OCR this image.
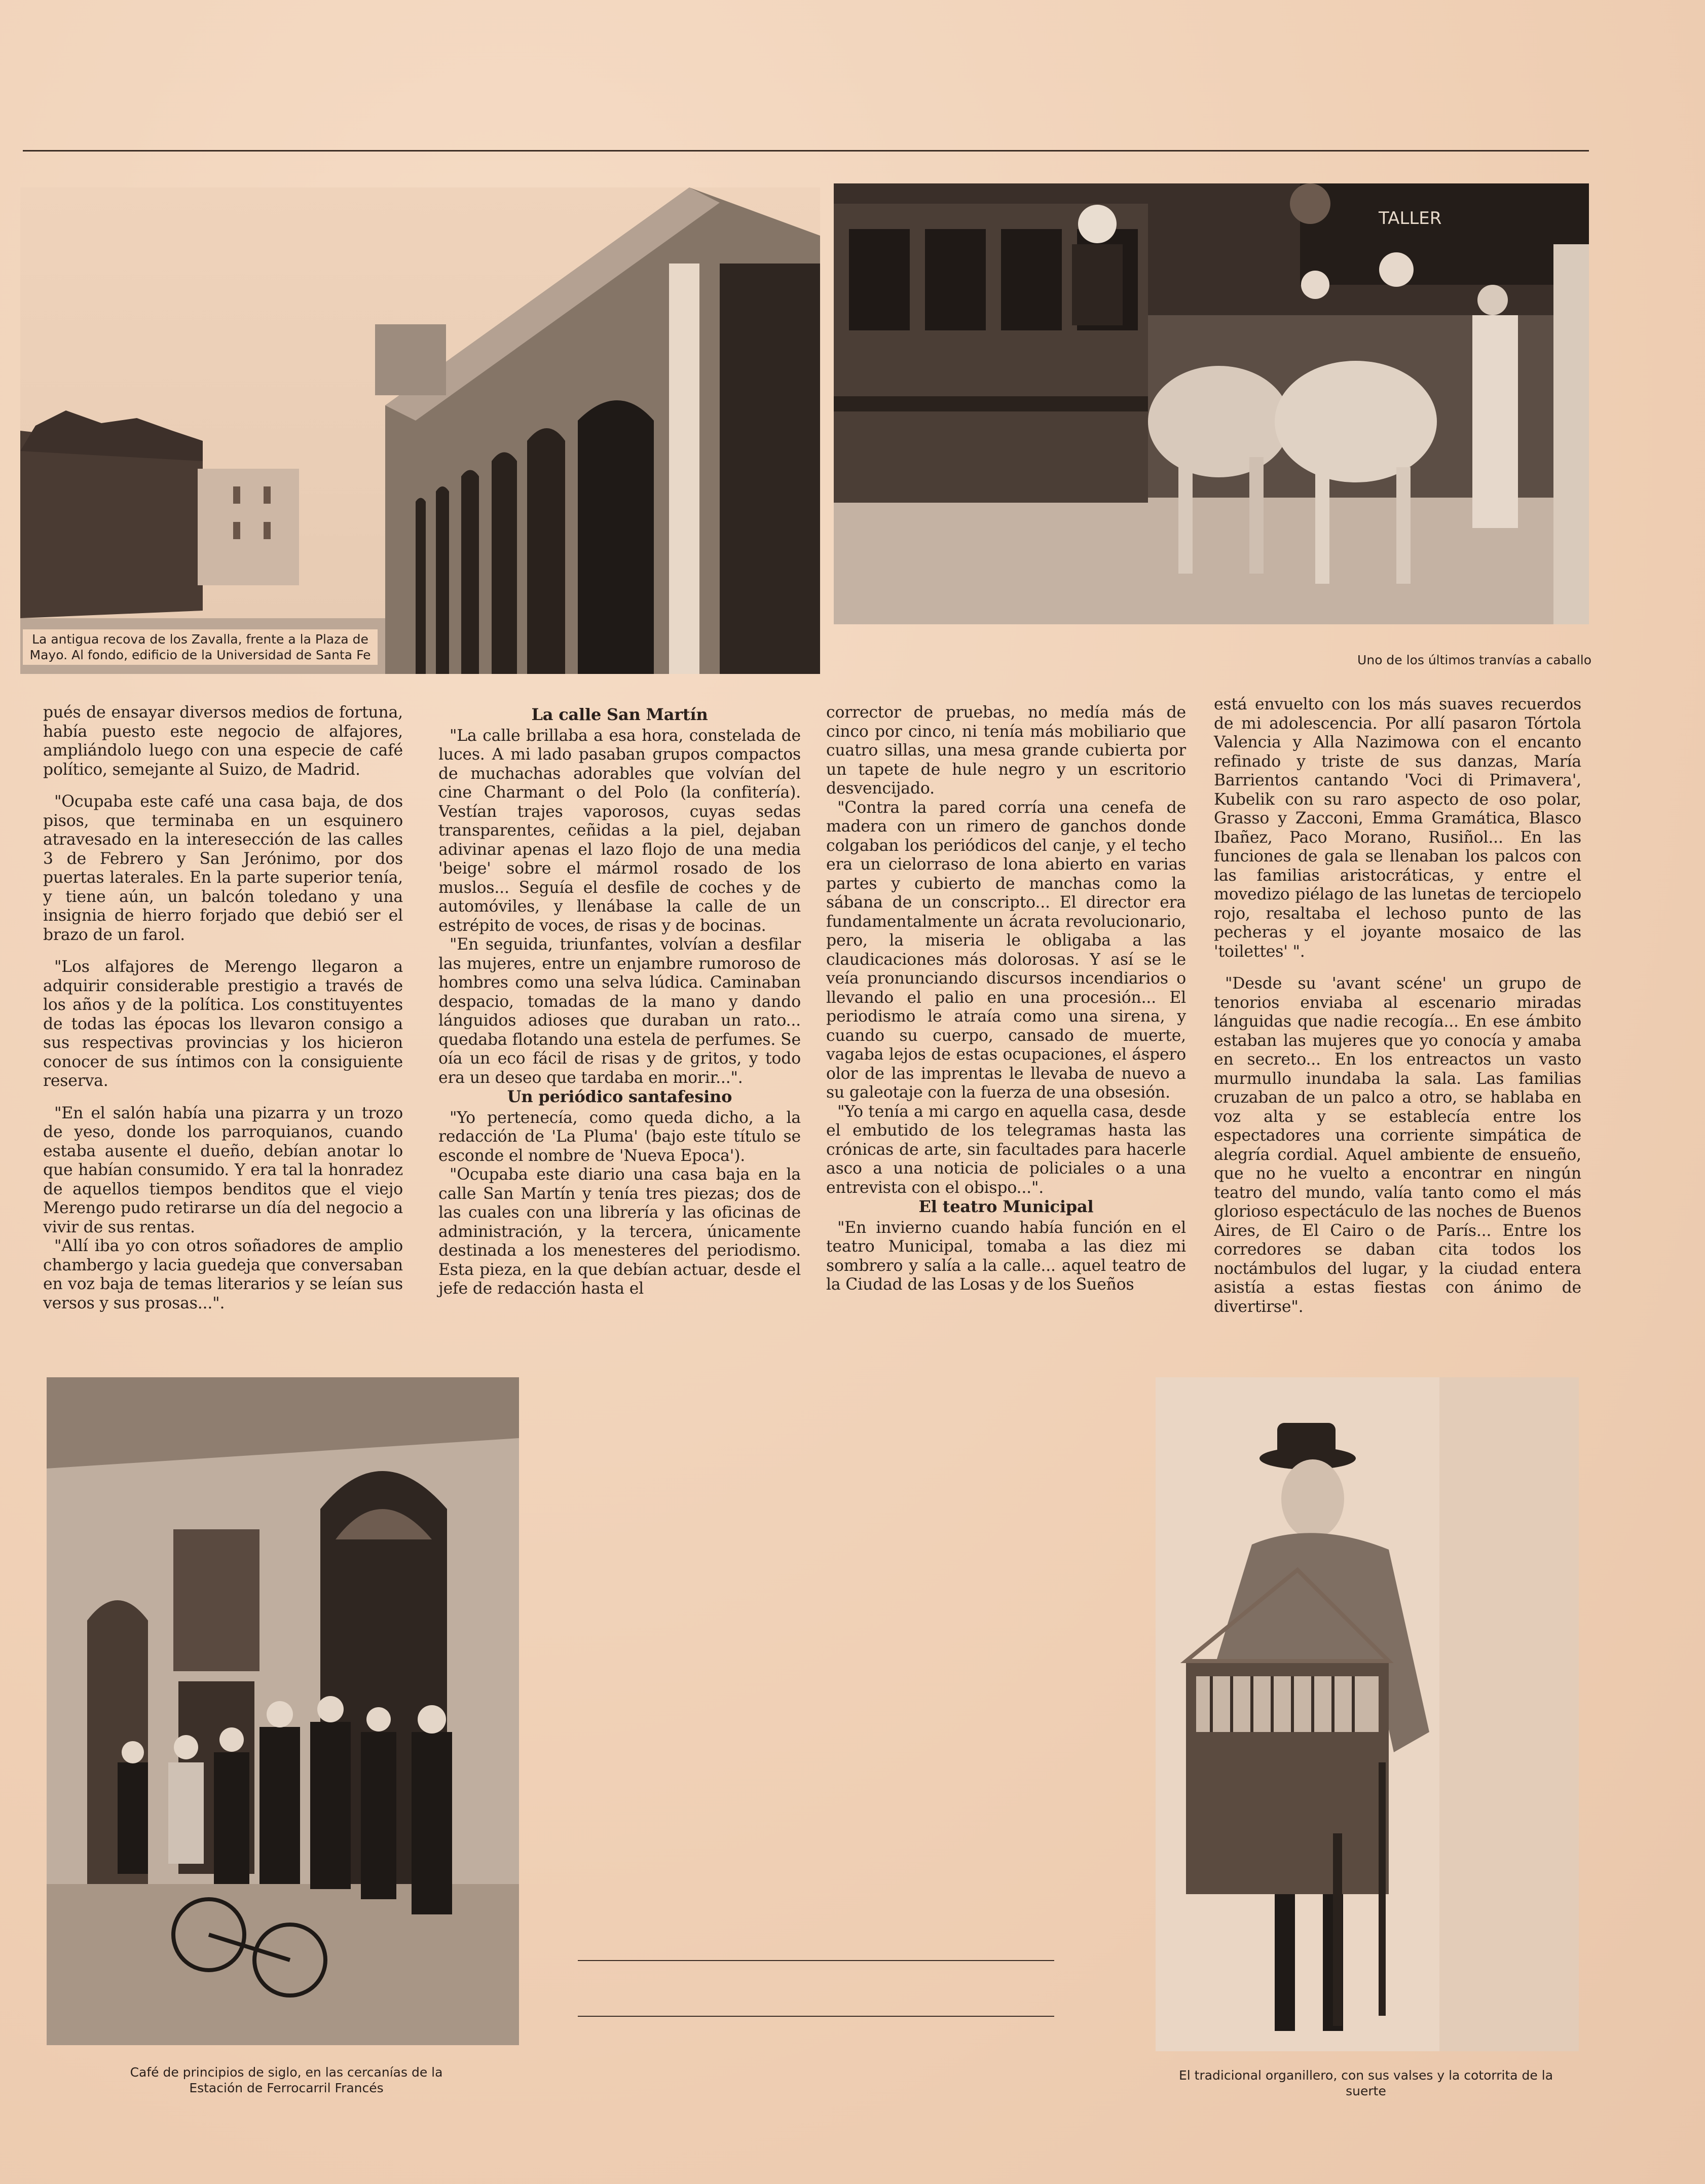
La antigua recova de los Zavalla, frente a la Plaza de Mayo. Al fondo, edificio de la Universidad de Santa Fe
TALLER
Uno de los últimos tranvías a caballo

pués de ensayar diversos medios de fortuna, había puesto este negocio de alfajores, ampliándolo luego con una especie de café político, semejante al Suizo, de Madrid.

"Ocupaba este café una casa baja, de dos pisos, que terminaba en un esquinero atravesado en la interesección de las calles 3 de Febrero y San Jerónimo, por dos puertas laterales. En la parte superior tenía, y tiene aún, un balcón toledano y una insignia de hierro forjado que debió ser el brazo de un farol.

"Los alfajores de Merengo llegaron a adquirir considerable prestigio a través de los años y de la política. Los constituyentes de todas las épocas los llevaron consigo a sus respectivas provincias y los hicieron conocer de sus íntimos con la consiguiente reserva.

"En el salón había una pizarra y un trozo de yeso, donde los parroquianos, cuando estaba ausente el dueño, debían anotar lo que habían consumido. Y era tal la honradez de aquellos tiempos benditos que el viejo Merengo pudo retirarse un día del negocio a vivir de sus rentas.

"Allí iba yo con otros soñadores de amplio chambergo y lacia guedeja que conversaban en voz baja de temas literarios y se leían sus versos y sus prosas...".

La calle San Martín

"La calle brillaba a esa hora, constelada de luces. A mi lado pasaban grupos compactos de muchachas adorables que volvían del cine Charmant o del Polo (la confitería). Vestían trajes vaporosos, cuyas sedas transparentes, ceñidas a la piel, dejaban adivinar apenas el lazo flojo de una media 'beige' sobre el mármol rosado de los muslos... Seguía el desfile de coches y de automóviles, y llenábase la calle de un estrépito de voces, de risas y de bocinas.

"En seguida, triunfantes, volvían a desfilar las mujeres, entre un enjambre rumoroso de hombres como una selva lúdica. Caminaban despacio, tomadas de la mano y dando lánguidos adioses que duraban un rato... quedaba flotando una estela de perfumes. Se oía un eco fácil de risas y de gritos, y todo era un deseo que tardaba en morir...".

Un periódico santafesino

"Yo pertenecía, como queda dicho, a la redacción de 'La Pluma' (bajo este título se esconde el nombre de 'Nueva Epoca').

"Ocupaba este diario una casa baja en la calle San Martín y tenía tres piezas; dos de las cuales con una librería y las oficinas de administración, y la tercera, únicamente destinada a los menesteres del periodismo. Esta pieza, en la que debían actuar, desde el jefe de redacción hasta el

corrector de pruebas, no medía más de cinco por cinco, ni tenía más mobiliario que cuatro sillas, una mesa grande cubierta por un tapete de hule negro y un escritorio desvencijado.

"Contra la pared corría una cenefa de madera con un rimero de ganchos donde colgaban los periódicos del canje, y el techo era un cielorraso de lona abierto en varias partes y cubierto de manchas como la sábana de un conscripto... El director era fundamentalmente un ácrata revolucionario, pero, la miseria le obligaba a las claudicaciones más dolorosas. Y así se le veía pronunciando discursos incendiarios o llevando el palio en una procesión... El periodismo le atraía como una sirena, y cuando su cuerpo, cansado de muerte, vagaba lejos de estas ocupaciones, el áspero olor de las imprentas le llevaba de nuevo a su galeotaje con la fuerza de una obsesión.

"Yo tenía a mi cargo en aquella casa, desde el embutido de los telegramas hasta las crónicas de arte, sin facultades para hacerle asco a una noticia de policiales o a una entrevista con el obispo...".

El teatro Municipal

"En invierno cuando había función en el teatro Municipal, tomaba a las diez mi sombrero y salía a la calle... aquel teatro de la Ciudad de las Losas y de los Sueños

está envuelto con los más suaves recuerdos de mi adolescencia. Por allí pasaron Tórtola Valencia y Alla Nazimowa con el encanto refinado y triste de sus danzas, María Barrientos cantando 'Voci di Primavera', Kubelik con su raro aspecto de oso polar, Grasso y Zacconi, Emma Gramática, Blasco Ibañez, Paco Morano, Rusiñol... En las funciones de gala se llenaban los palcos con las familias aristocráticas, y entre el movedizo piélago de las lunetas de terciopelo rojo, resaltaba el lechoso punto de las pecheras y el joyante mosaico de las 'toilettes' ".

"Desde su 'avant scéne' un grupo de tenorios enviaba al escenario miradas lánguidas que nadie recogía... En ese ámbito estaban las mujeres que yo conocía y amaba en secreto... En los entreactos un vasto murmullo inundaba la sala. Las familias cruzaban de un palco a otro, se hablaba en voz alta y se establecía entre los espectadores una corriente simpática de alegría cordial. Aquel ambiente de ensueño, que no he vuelto a encontrar en ningún teatro del mundo, valía tanto como el más glorioso espectáculo de las noches de Buenos Aires, de El Cairo o de París... Entre los corredores se daban cita todos los noctámbulos del lugar, y la ciudad entera asistía a estas fiestas con ánimo de divertirse".

Café de principios de siglo, en las cercanías de la Estación de Ferrocarril Francés
El tradicional organillero, con sus valses y la cotorrita de la suerte
